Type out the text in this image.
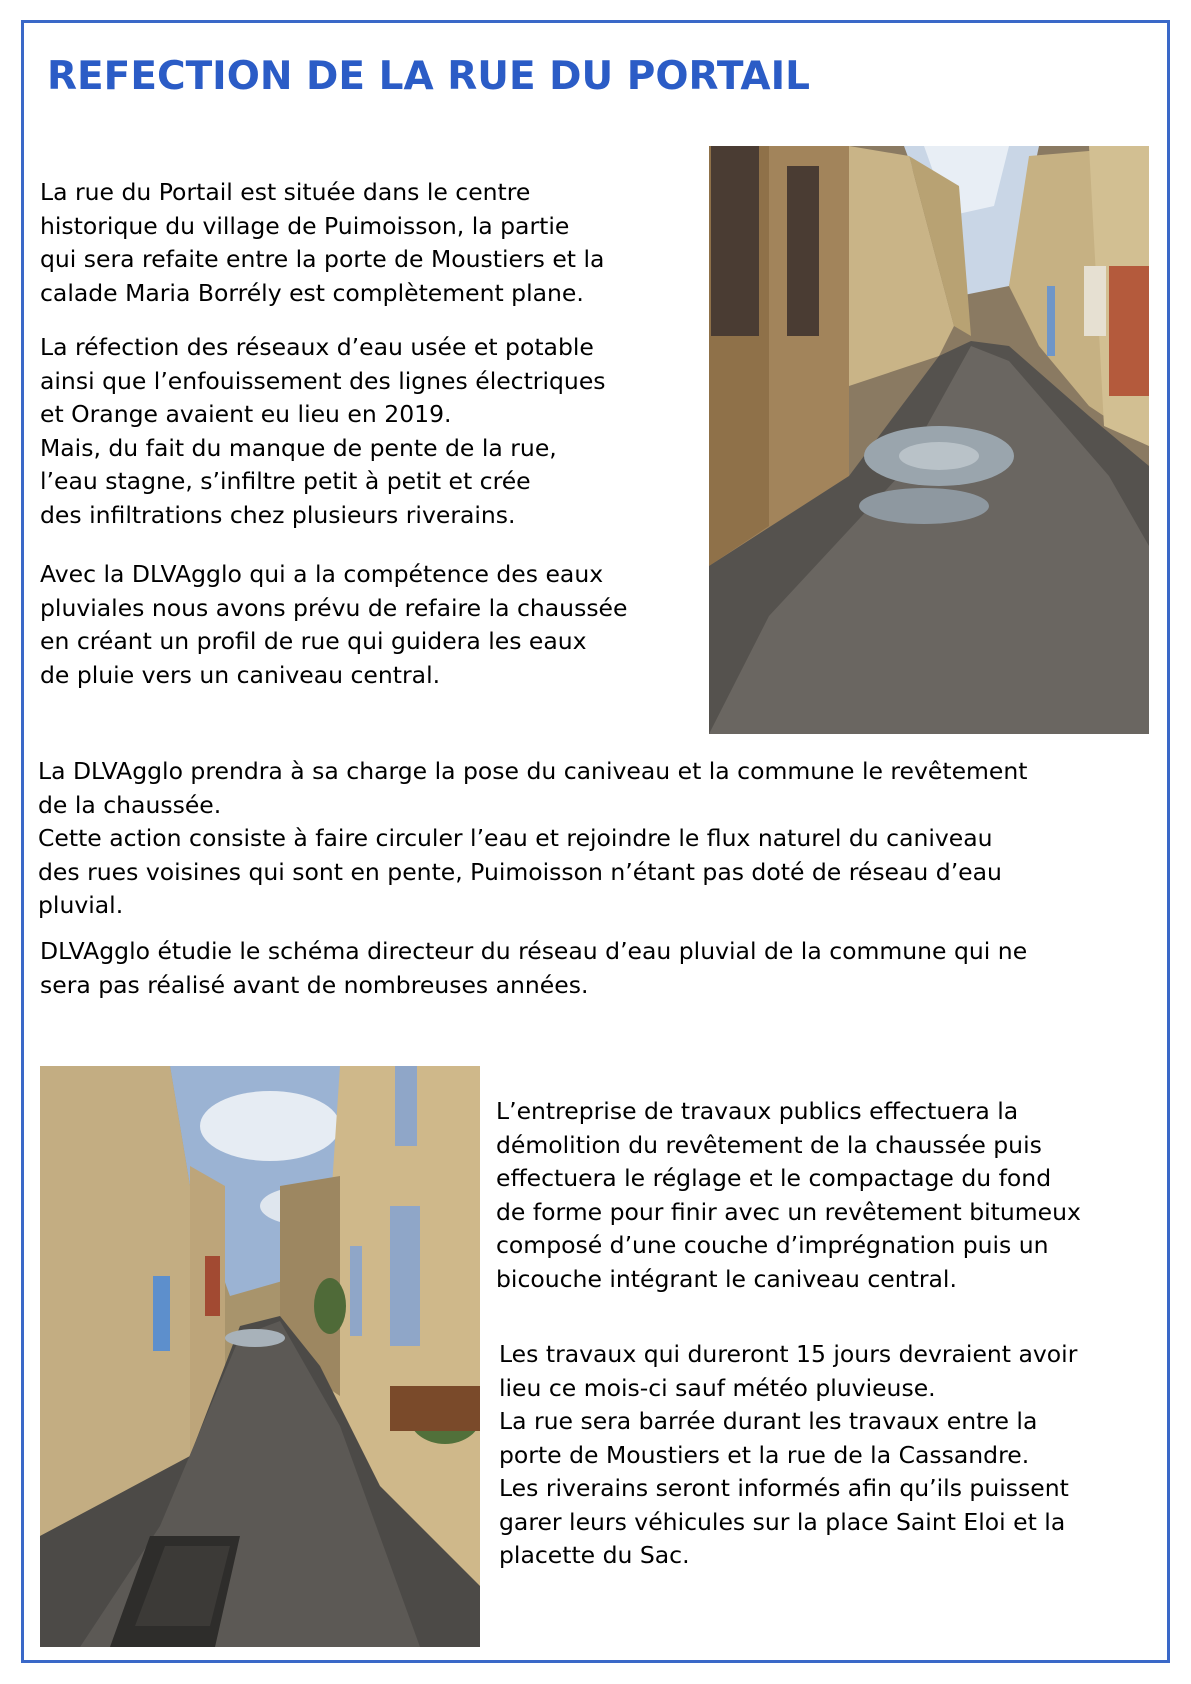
REFECTION DE LA RUE DU PORTAIL

La rue du Portail est située dans le centre
historique du village de Puimoisson, la partie
qui sera refaite entre la porte de Moustiers et la
calade Maria Borrély est complètement plane.

La réfection des réseaux d’eau usée et potable
ainsi que l’enfouissement des lignes électriques
et Orange avaient eu lieu en 2019.
Mais, du fait du manque de pente de la rue,
l’eau stagne, s’infiltre petit à petit et crée
des infiltrations chez plusieurs riverains.

Avec la DLVAgglo qui a la compétence des eaux
pluviales nous avons prévu de refaire la chaussée
en créant un profil de rue qui guidera les eaux
de pluie vers un caniveau central.

La DLVAgglo prendra à sa charge la pose du caniveau et la commune le revêtement
de la chaussée.
Cette action consiste à faire circuler l’eau et rejoindre le flux naturel du caniveau
des rues voisines qui sont en pente, Puimoisson n’étant pas doté de réseau d’eau
pluvial.

DLVAgglo étudie le schéma directeur du réseau d’eau pluvial de la commune qui ne
sera pas réalisé avant de nombreuses années.

L’entreprise de travaux publics effectuera la
démolition du revêtement de la chaussée puis
effectuera le réglage et le compactage du fond
de forme pour finir avec un revêtement bitumeux
composé d’une couche d’imprégnation puis un
bicouche intégrant le caniveau central.

Les travaux qui dureront 15 jours devraient avoir
lieu ce mois-ci sauf météo pluvieuse.
La rue sera barrée durant les travaux entre la
porte de Moustiers et la rue de la Cassandre.
Les riverains seront informés afin qu’ils puissent
garer leurs véhicules sur la place Saint Eloi et la
placette du Sac.
